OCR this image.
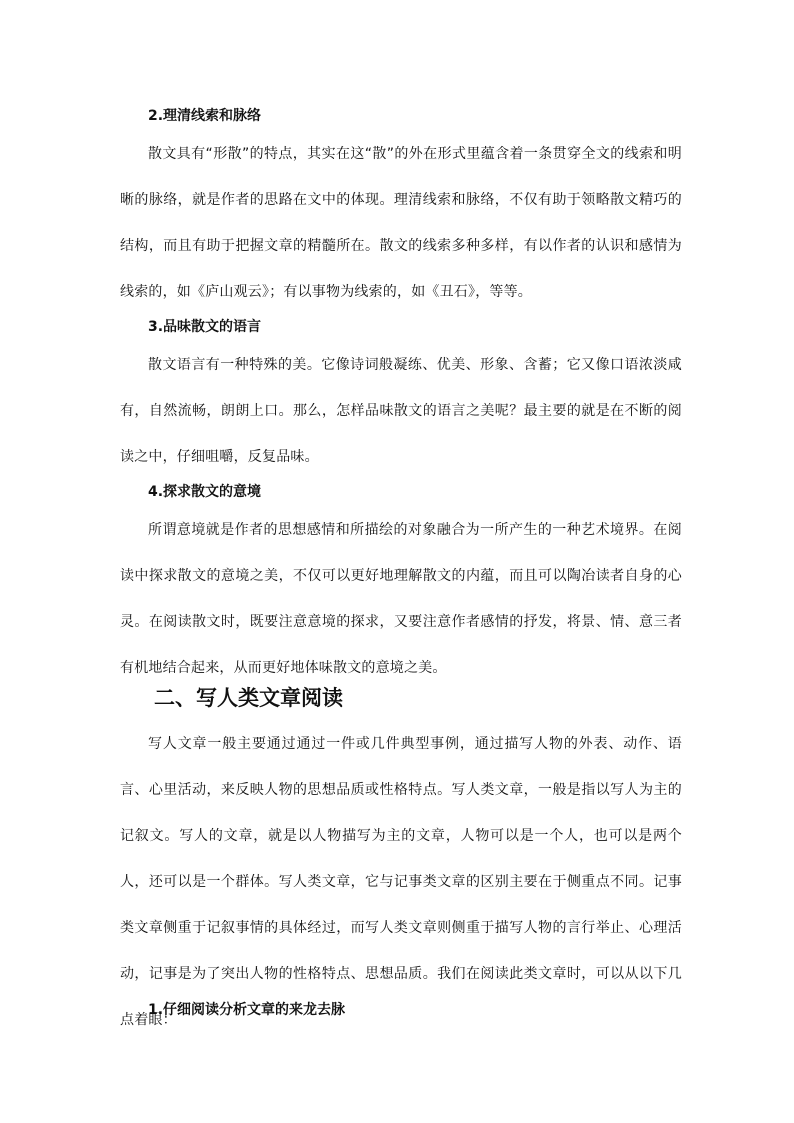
2.理清线索和脉络

散文具有“形散”的特点，其实在这“散”的外在形式里蕴含着一条贯穿全文的线索和明晰的脉络，就是作者的思路在文中的体现。理清线索和脉络，不仅有助于领略散文精巧的结构，而且有助于把握文章的精髓所在。散文的线索多种多样，有以作者的认识和感情为线索的，如《庐山观云》；有以事物为线索的，如《丑石》，等等。

3.品味散文的语言

散文语言有一种特殊的美。它像诗词般凝练、优美、形象、含蓄；它又像口语浓淡咸有，自然流畅，朗朗上口。那么，怎样品味散文的语言之美呢？最主要的就是在不断的阅读之中，仔细咀嚼，反复品味。

4.探求散文的意境

所谓意境就是作者的思想感情和所描绘的对象融合为一所产生的一种艺术境界。在阅读中探求散文的意境之美，不仅可以更好地理解散文的内蕴，而且可以陶冶读者自身的心灵。在阅读散文时，既要注意意境的探求，又要注意作者感情的抒发，将景、情、意三者有机地结合起来，从而更好地体味散文的意境之美。

二、写人类文章阅读

写人文章一般主要通过通过一件或几件典型事例，通过描写人物的外表、动作、语言、心里活动，来反映人物的思想品质或性格特点。写人类文章，一般是指以写人为主的记叙文。写人的文章，就是以人物描写为主的文章，人物可以是一个人，也可以是两个人，还可以是一个群体。写人类文章，它与记事类文章的区别主要在于侧重点不同。记事类文章侧重于记叙事情的具体经过，而写人类文章则侧重于描写人物的言行举止、心理活动，记事是为了突出人物的性格特点、思想品质。我们在阅读此类文章时，可以从以下几点着眼：

1.仔细阅读分析文章的来龙去脉
